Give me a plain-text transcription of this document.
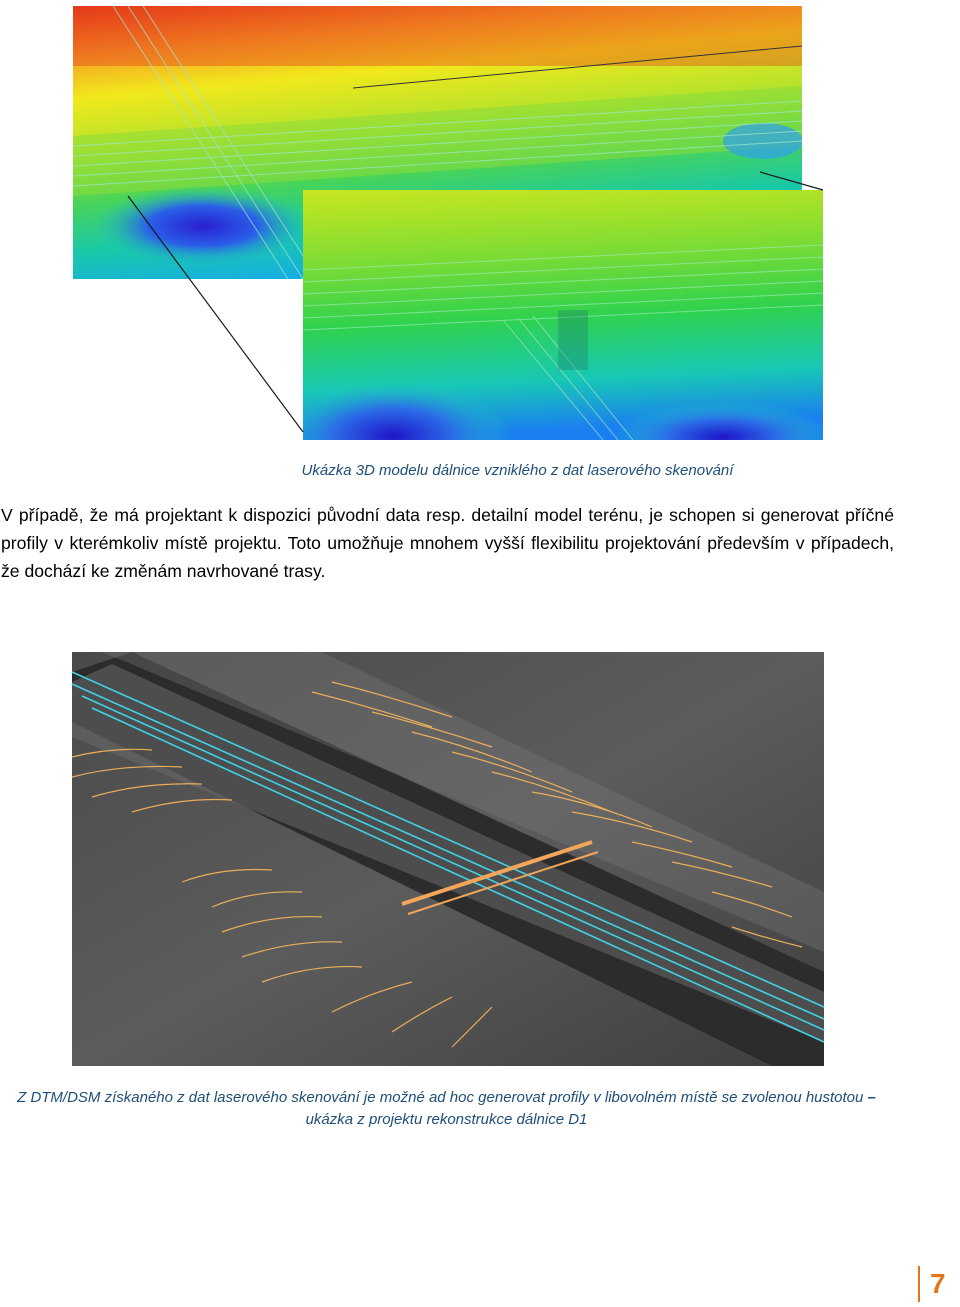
Ukázka 3D modelu dálnice vzniklého z dat laserového skenování
V případě, že má projektant k dispozici původní data resp. detailní model terénu, je schopen si generovat příčné profily v kterémkoliv místě projektu. Toto umožňuje mnohem vyšší flexibilitu projektování především v případech, že dochází ke změnám navrhované trasy.
Z DTM/DSM získaného z dat laserového skenování je možné ad hoc generovat profily v libovolném místě se zvolenou hustotou – ukázka z projektu rekonstrukce dálnice D1
7
